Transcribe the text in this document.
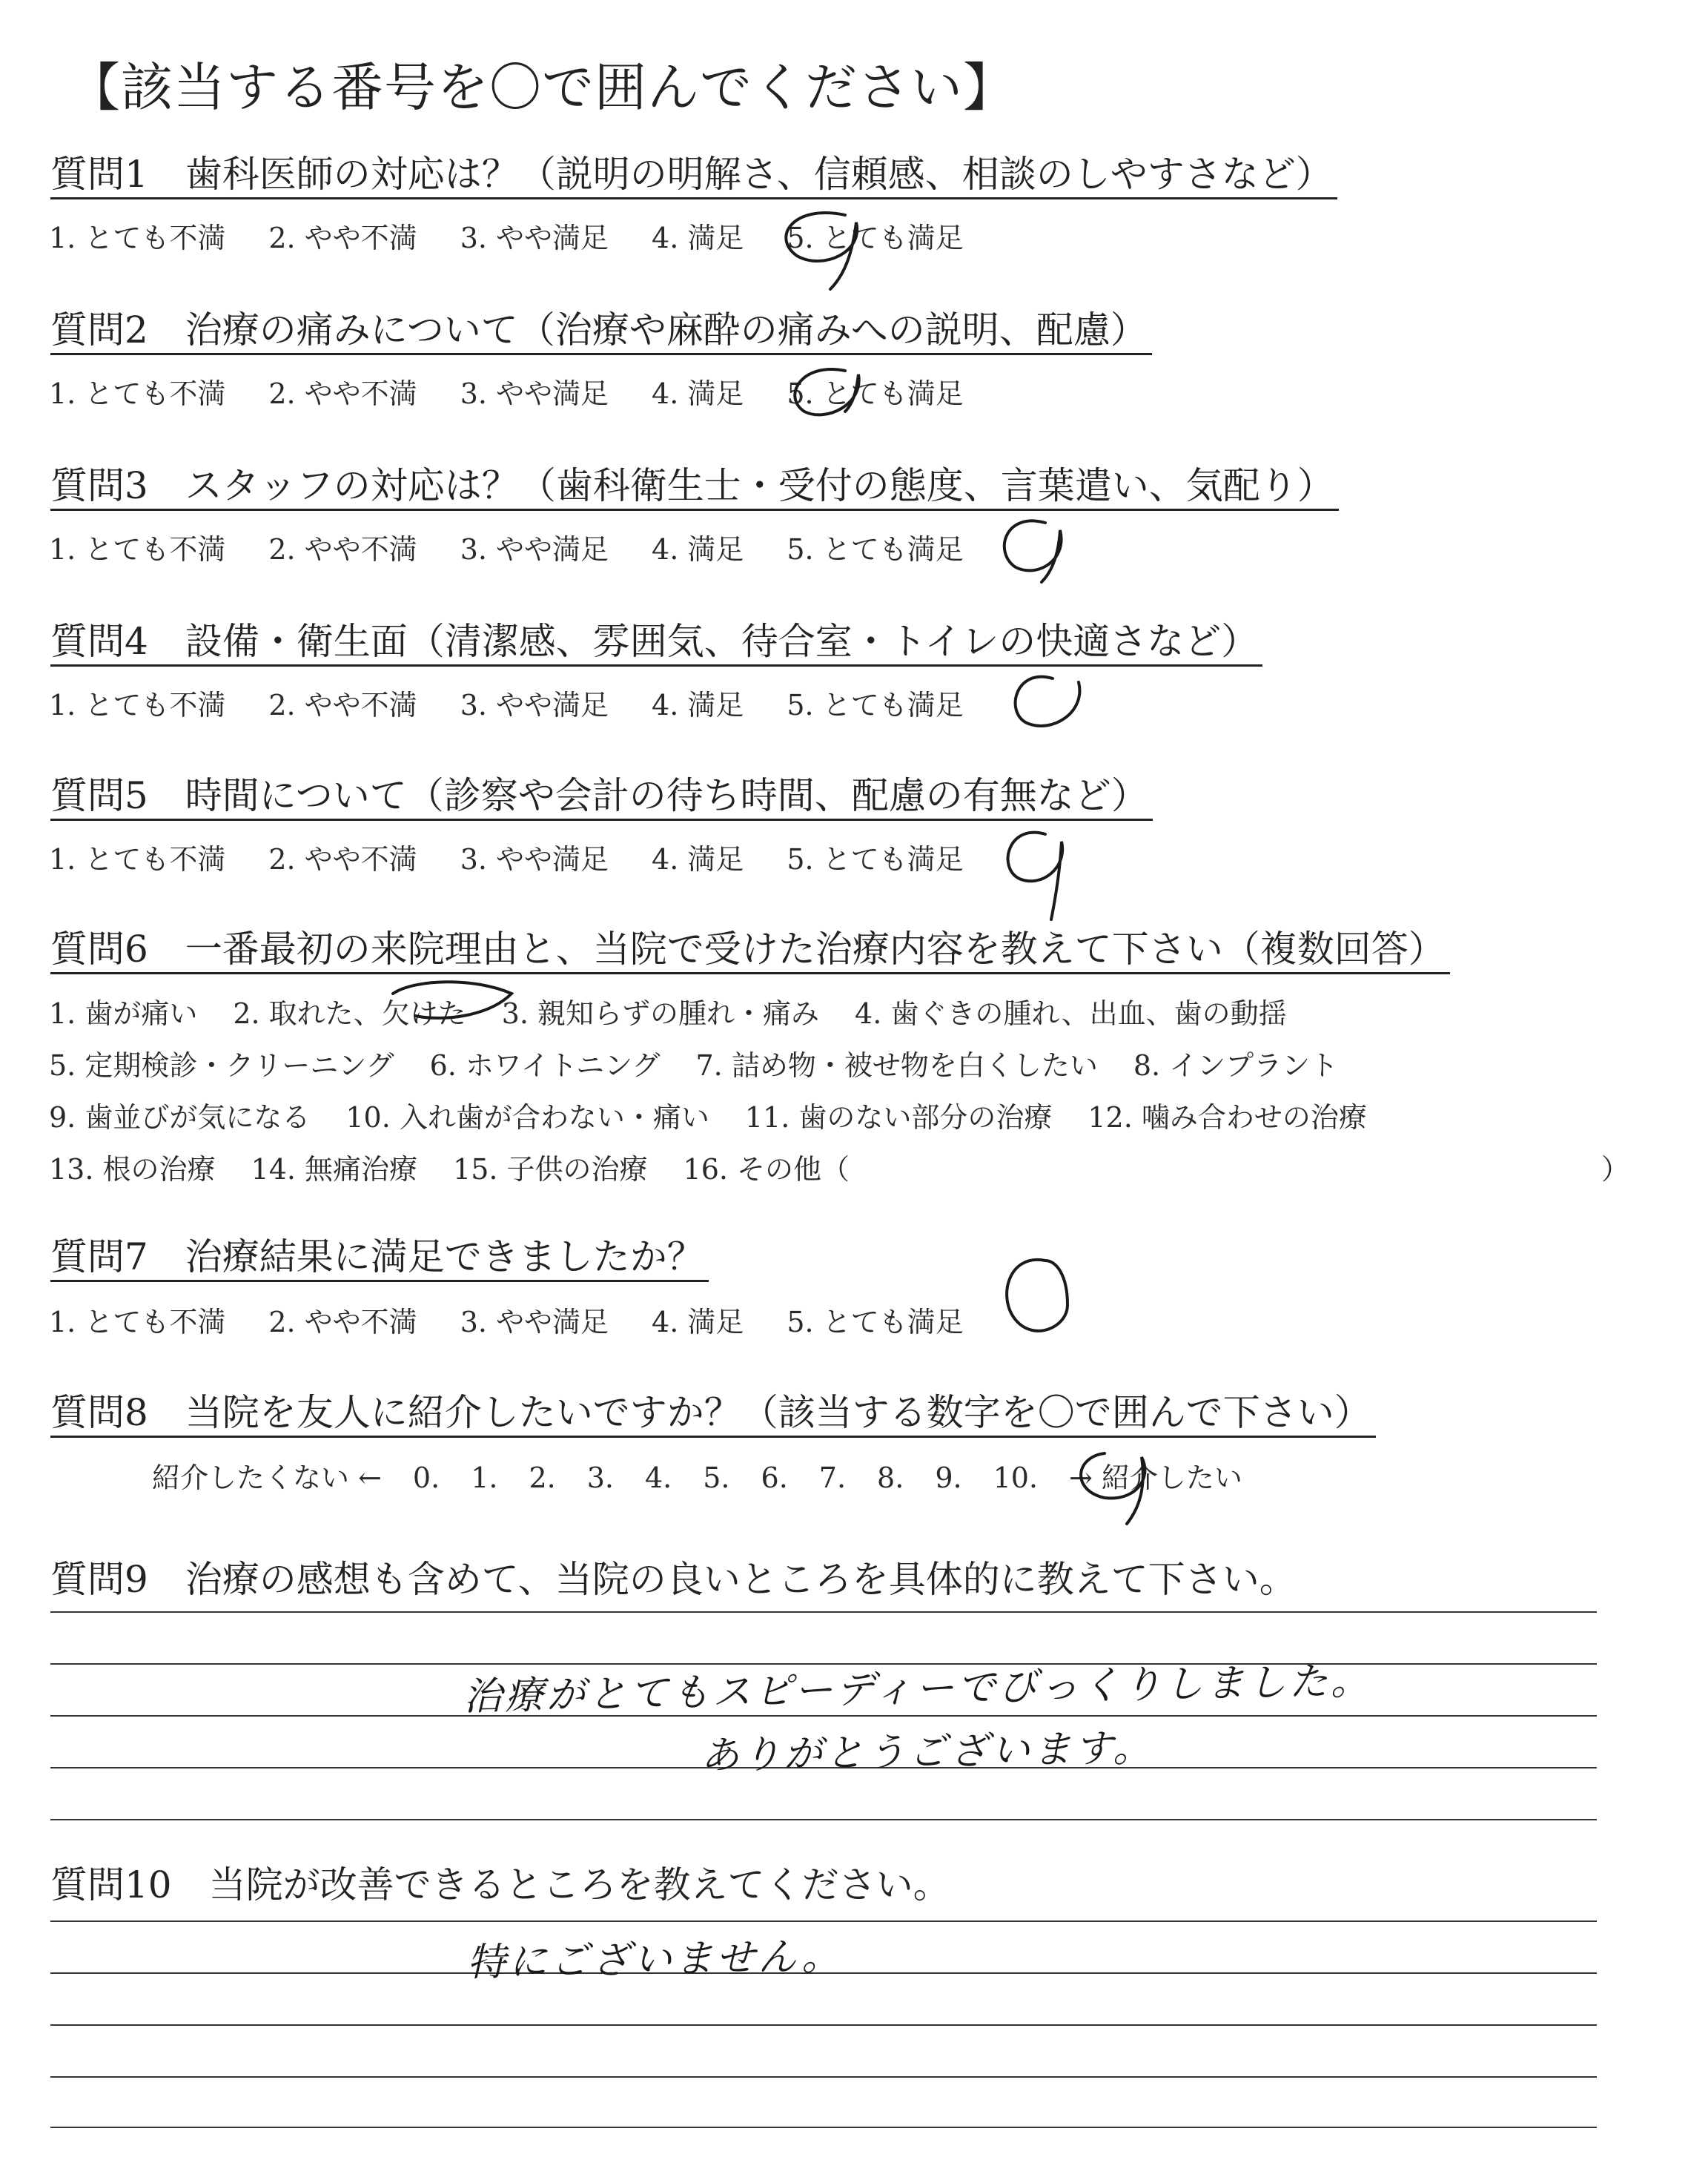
【該当する番号を〇で囲んでください】
質問1　歯科医師の対応は？（説明の明解さ、信頼感、相談のしやすさなど）
1. とても不満 2. やや不満 3. やや満足 4. 満足 5. とても満足
質問2　治療の痛みについて（治療や麻酔の痛みへの説明、配慮）
1. とても不満 2. やや不満 3. やや満足 4. 満足 5. とても満足
質問3　スタッフの対応は？（歯科衛生士・受付の態度、言葉遣い、気配り）
1. とても不満 2. やや不満 3. やや満足 4. 満足 5. とても満足
質問4　設備・衛生面（清潔感、雰囲気、待合室・トイレの快適さなど）
1. とても不満 2. やや不満 3. やや満足 4. 満足 5. とても満足
質問5　時間について（診察や会計の待ち時間、配慮の有無など）
1. とても不満 2. やや不満 3. やや満足 4. 満足 5. とても満足
質問6　一番最初の来院理由と、当院で受けた治療内容を教えて下さい（複数回答）
1. 歯が痛い 2. 取れた、欠けた 3. 親知らずの腫れ・痛み 4. 歯ぐきの腫れ、出血、歯の動揺
5. 定期検診・クリーニング 6. ホワイトニング 7. 詰め物・被せ物を白くしたい 8. インプラント
9. 歯並びが気になる 10. 入れ歯が合わない・痛い 11. 歯のない部分の治療 12. 噛み合わせの治療
13. 根の治療 14. 無痛治療 15. 子供の治療 16. その他（	）
質問7　治療結果に満足できましたか？
1. とても不満 2. やや不満 3. やや満足 4. 満足 5. とても満足
質問8　当院を友人に紹介したいですか？（該当する数字を〇で囲んで下さい）
紹介したくない ← 0. 1. 2. 3. 4. 5. 6. 7. 8. 9. 10. → 紹介したい
質問9　治療の感想も含めて、当院の良いところを具体的に教えて下さい。
治療がとてもスピーディーでびっくりしました。
ありがとうございます。
質問10　当院が改善できるところを教えてください。
特にございません。
